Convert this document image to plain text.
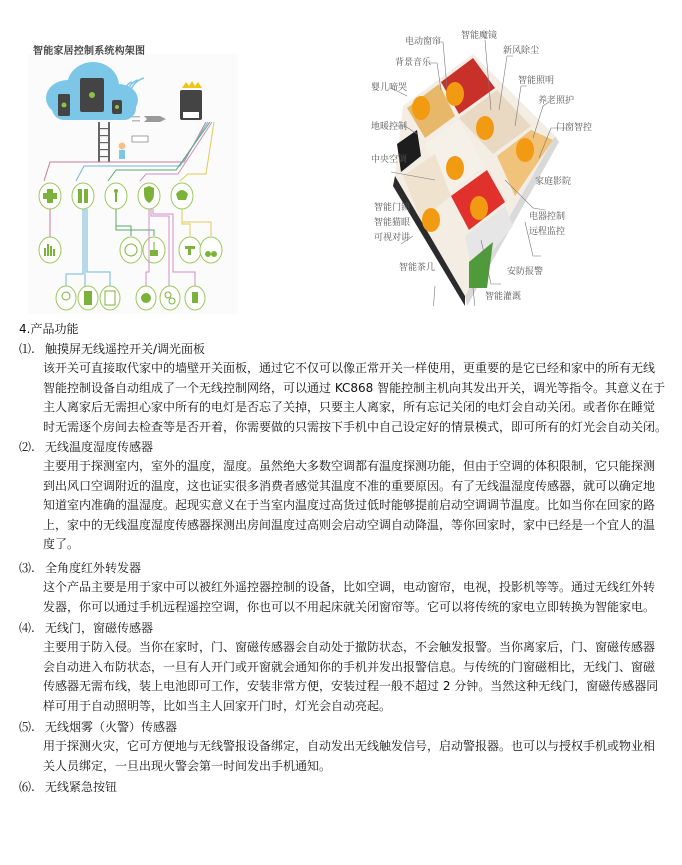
智能家居控制系统构架图
电动窗帘
背景音乐
婴儿啼哭
地暖控制
中央空调
智能门锁
智能猫眼
可视对讲
智能茶几
智能魔镜
新风除尘
智能照明
养老照护
门窗智控
家庭影院
电器控制
远程监控
安防报警
智能灌溉
4.产品功能
⑴. 触摸屏无线遥控开关/调光面板
该开关可直接取代家中的墙壁开关面板，通过它不仅可以像正常开关一样使用，更重要的是它已经和家中的所有无线
智能控制设备自动组成了一个无线控制网络，可以通过 KC868 智能控制主机向其发出开关，调光等指令。其意义在于
主人离家后无需担心家中所有的电灯是否忘了关掉，只要主人离家，所有忘记关闭的电灯会自动关闭。或者你在睡觉
时无需逐个房间去检查等是否开着，你需要做的只需按下手机中自己设定好的情景模式，即可所有的灯光会自动关闭。
⑵. 无线温度湿度传感器
主要用于探测室内，室外的温度，湿度。虽然绝大多数空调都有温度探测功能，但由于空调的体积限制，它只能探测
到出风口空调附近的温度，这也证实很多消费者感觉其温度不准的重要原因。有了无线温湿度传感器，就可以确定地
知道室内准确的温湿度。起现实意义在于当室内温度过高货过低时能够提前启动空调调节温度。比如当你在回家的路
上，家中的无线温度湿度传感器探测出房间温度过高则会启动空调自动降温，等你回家时，家中已经是一个宜人的温
度了。
⑶. 全角度红外转发器
这个产品主要是用于家中可以被红外遥控器控制的设备，比如空调，电动窗帘，电视，投影机等等。通过无线红外转
发器，你可以通过手机远程遥控空调，你也可以不用起床就关闭窗帘等。它可以将传统的家电立即转换为智能家电。
⑷. 无线门，窗磁传感器
主要用于防入侵。当你在家时，门、窗磁传感器会自动处于撤防状态，不会触发报警。当你离家后，门、窗磁传感器
会自动进入布防状态，一旦有人开门或开窗就会通知你的手机并发出报警信息。与传统的门窗磁相比，无线门、窗磁
传感器无需布线，装上电池即可工作，安装非常方便，安装过程一般不超过 2 分钟。当然这种无线门，窗磁传感器同
样可用于自动照明等，比如当主人回家开门时，灯光会自动亮起。
⑸. 无线烟雾（火警）传感器
用于探测火灾，它可方便地与无线警报设备绑定，自动发出无线触发信号，启动警报器。也可以与授权手机或物业相
关人员绑定，一旦出现火警会第一时间发出手机通知。
⑹. 无线紧急按钮
